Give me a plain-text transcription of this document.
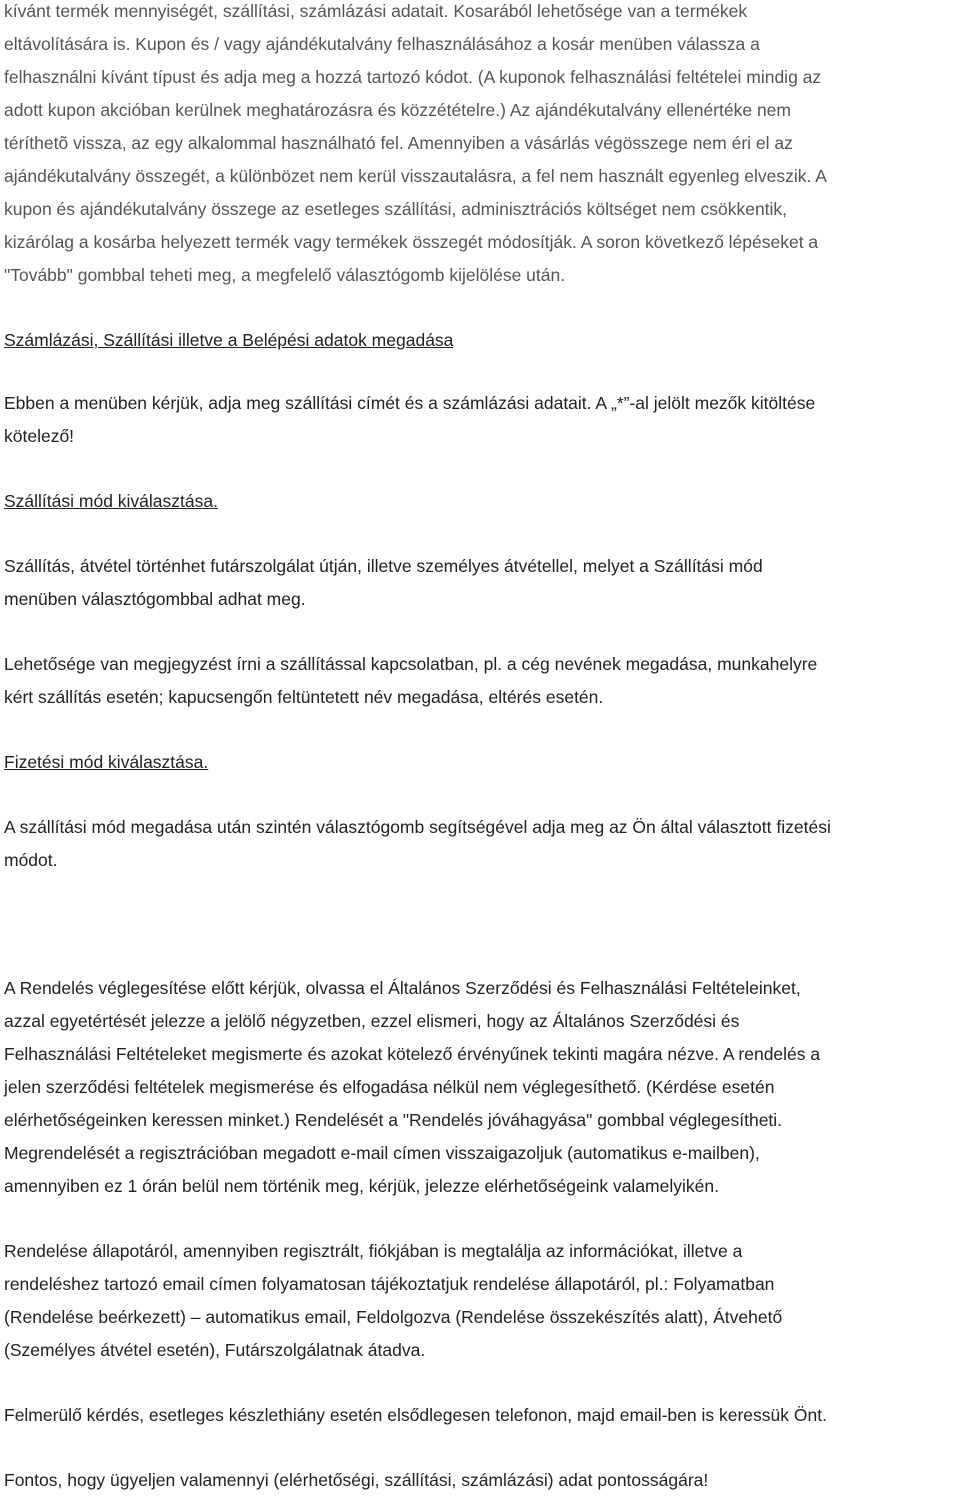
kívánt termék mennyiségét, szállítási, számlázási adatait. Kosarából lehetősége van a termékek

eltávolítására is. Kupon és / vagy ajándékutalvány felhasználásához a kosár menüben válassza a

felhasználni kívánt típust és adja meg a hozzá tartozó kódot. (A kuponok felhasználási feltételei mindig az

adott kupon akcióban kerülnek meghatározásra és közzétételre.) Az ajándékutalvány ellenértéke nem

téríthetõ vissza, az egy alkalommal használható fel. Amennyiben a vásárlás végösszege nem éri el az

ajándékutalvány összegét, a különbözet nem kerül visszautalásra, a fel nem használt egyenleg elveszik. A

kupon és ajándékutalvány összege az esetleges szállítási, adminisztrációs költséget nem csökkentik,

kizárólag a kosárba helyezett termék vagy termékek összegét módosítják. A soron következő lépéseket a

"Tovább" gombbal teheti meg, a megfelelő választógomb kijelölése után.

Számlázási, Szállítási illetve a Belépési adatok megadása

Ebben a menüben kérjük, adja meg szállítási címét és a számlázási adatait. A „*”-al jelölt mezők kitöltése

kötelező!

Szállítási mód kiválasztása.

Szállítás, átvétel történhet futárszolgálat útján, illetve személyes átvétellel, melyet a Szállítási mód

menüben választógombbal adhat meg.

Lehetősége van megjegyzést írni a szállítással kapcsolatban, pl. a cég nevének megadása, munkahelyre

kért szállítás esetén; kapucsengőn feltüntetett név megadása, eltérés esetén.

Fizetési mód kiválasztása.

A szállítási mód megadása után szintén választógomb segítségével adja meg az Ön által választott fizetési

módot.

A Rendelés véglegesítése előtt kérjük, olvassa el Általános Szerződési és Felhasználási Feltételeinket,

azzal egyetértését jelezze a jelölő négyzetben, ezzel elismeri, hogy az Általános Szerződési és

Felhasználási Feltételeket megismerte és azokat kötelező érvényűnek tekinti magára nézve. A rendelés a

jelen szerződési feltételek megismerése és elfogadása nélkül nem véglegesíthető. (Kérdése esetén

elérhetőségeinken keressen minket.) Rendelését a "Rendelés jóváhagyása" gombbal véglegesítheti.

Megrendelését a regisztrációban megadott e-mail címen visszaigazoljuk (automatikus e-mailben),

amennyiben ez 1 órán belül nem történik meg, kérjük, jelezze elérhetőségeink valamelyikén.

Rendelése állapotáról, amennyiben regisztrált, fiókjában is megtalálja az információkat, illetve a

rendeléshez tartozó email címen folyamatosan tájékoztatjuk rendelése állapotáról, pl.: Folyamatban

(Rendelése beérkezett) – automatikus email, Feldolgozva (Rendelése összekészítés alatt), Átvehető

(Személyes átvétel esetén), Futárszolgálatnak átadva.

Felmerülő kérdés, esetleges készlethiány esetén elsődlegesen telefonon, majd email-ben is keressük Önt.

Fontos, hogy ügyeljen valamennyi (elérhetőségi, szállítási, számlázási) adat pontosságára!
